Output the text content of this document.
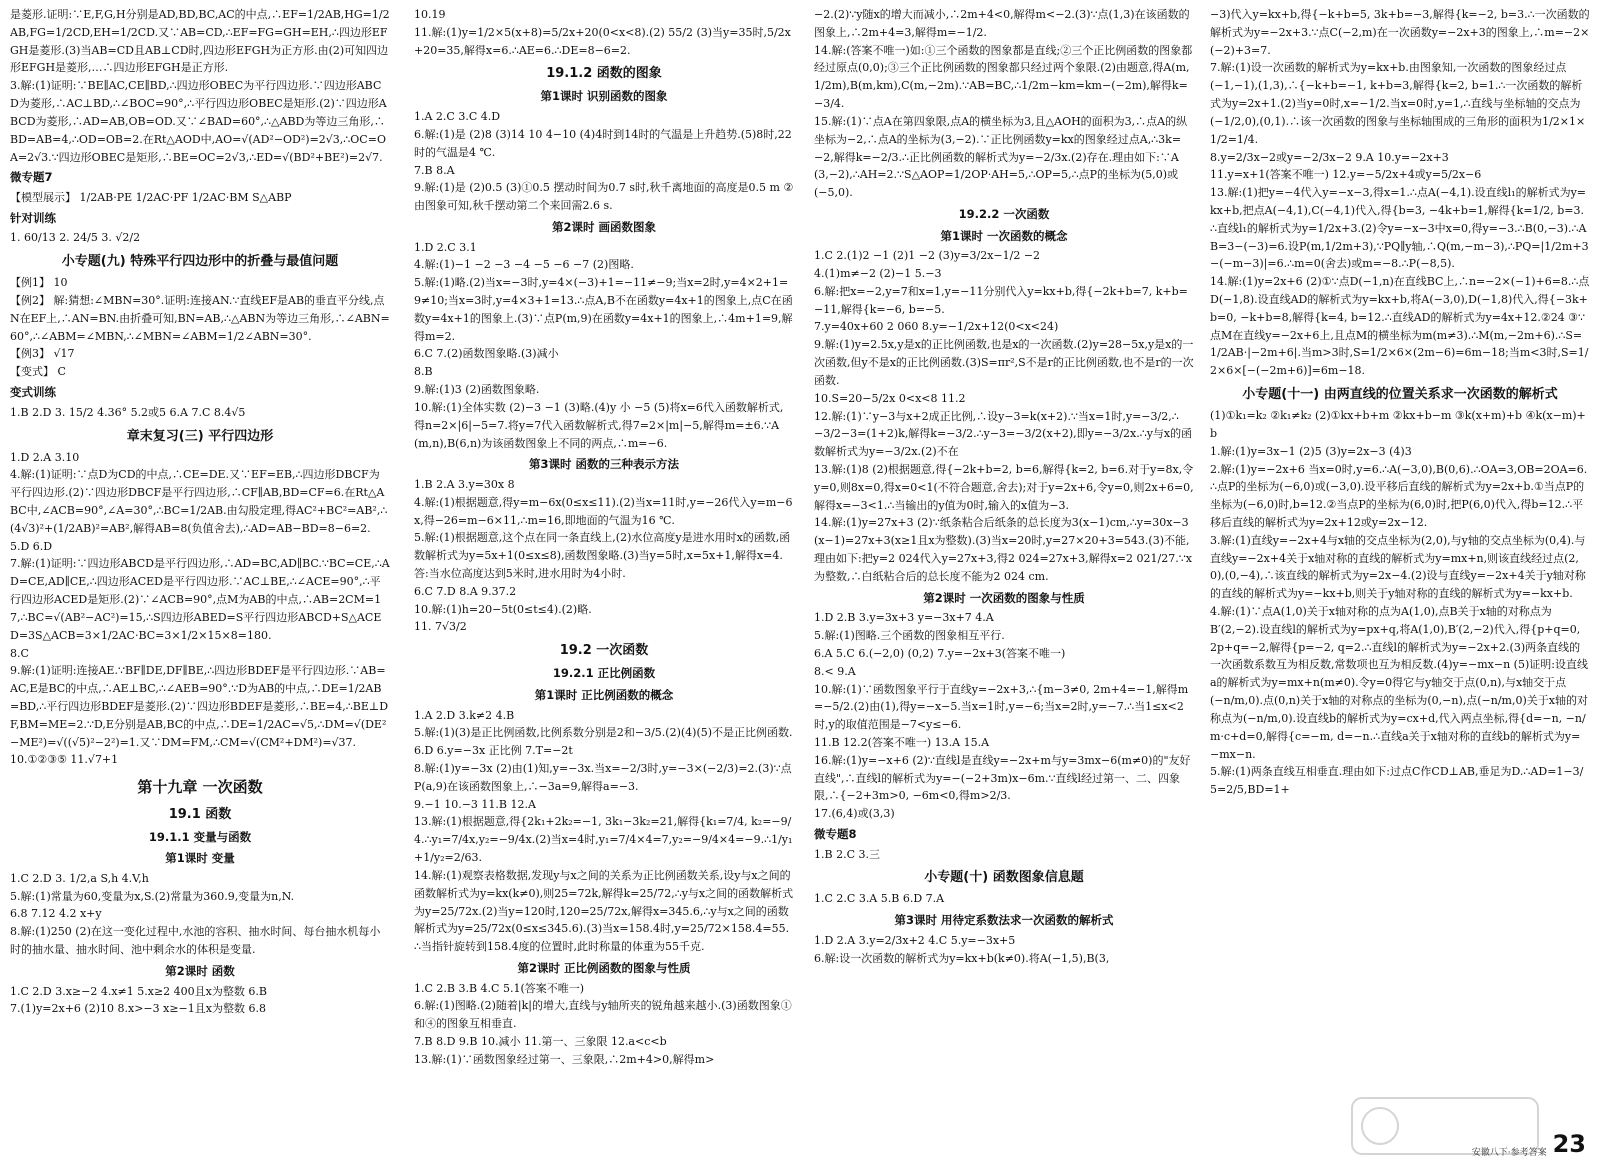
是菱形.证明:∵E,F,G,H分别是AD,BD,BC,AC的中点,∴EF=1/2AB,HG=1/2AB,FG=1/2CD,EH=1/2CD.又∵AB=CD,∴EF=FG=GH=EH,∴四边形EFGH是菱形.(3)当AB=CD且AB⊥CD时,四边形EFGH为正方形.由(2)可知四边形EFGH是菱形,…∴四边形EFGH是正方形.
3.解:(1)证明:∵BE∥AC,CE∥BD,∴四边形OBEC为平行四边形.∵四边形ABCD为菱形,∴AC⊥BD,∴∠BOC=90°,∴平行四边形OBEC是矩形.(2)∵四边形ABCD为菱形,∴AD=AB,OB=OD.又∵∠BAD=60°,∴△ABD为等边三角形,∴BD=AB=4,∴OD=OB=2.在Rt△AOD中,AO=√(AD²−OD²)=2√3,∴OC=OA=2√3.∵四边形OBEC是矩形,∴BE=OC=2√3,∴ED=√(BD²+BE²)=2√7.
微专题7
【模型展示】 1/2AB·PE 1/2AC·PF 1/2AC·BM S△ABP
针对训练
1. 60/13 2. 24/5 3. √2/2
小专题(九) 特殊平行四边形中的折叠与最值问题
【例1】 10
【例2】 解:猜想:∠MBN=30°.证明:连接AN.∵直线EF是AB的垂直平分线,点N在EF上,∴AN=BN.由折叠可知,BN=AB,∴△ABN为等边三角形,∴∠ABN=60°,∴∠ABM=∠MBN,∴∠MBN=∠ABM=1/2∠ABN=30°.
【例3】 √17
【变式】 C
变式训练
1.B 2.D 3. 15/2 4.36° 5.2或5 6.A 7.C 8.4√5
章末复习(三) 平行四边形
1.D 2.A 3.10
4.解:(1)证明:∵点D为CD的中点,∴CE=DE.又∵EF=EB,∴四边形DBCF为平行四边形.(2)∵四边形DBCF是平行四边形,∴CF∥AB,BD=CF=6.在Rt△ABC中,∠ACB=90°,∠A=30°,∴BC=1/2AB.由勾股定理,得AC²+BC²=AB²,∴(4√3)²+(1/2AB)²=AB²,解得AB=8(负值舍去),∴AD=AB−BD=8−6=2.
5.D 6.D
7.解:(1)证明:∵四边形ABCD是平行四边形,∴AD=BC,AD∥BC.∵BC=CE,∴AD=CE,AD∥CE,∴四边形ACED是平行四边形.∵AC⊥BE,∴∠ACE=90°,∴平行四边形ACED是矩形.(2)∵∠ACB=90°,点M为AB的中点,∴AB=2CM=17,∴BC=√(AB²−AC²)=15,∴S四边形ABED=S平行四边形ABCD+S△ACED=3S△ACB=3×1/2AC·BC=3×1/2×15×8=180.
8.C
9.解:(1)证明:连接AE.∵BF∥DE,DF∥BE,∴四边形BDEF是平行四边形.∵AB=AC,E是BC的中点,∴AE⊥BC,∴∠AEB=90°.∵D为AB的中点,∴DE=1/2AB=BD,∴平行四边形BDEF是菱形.(2)∵四边形BDEF是菱形,∴BE=4,∴BE⊥DF,BM=ME=2.∵D,E分别是AB,BC的中点,∴DE=1/2AC=√5,∴DM=√(DE²−ME²)=√((√5)²−2²)=1.又∵DM=FM,∴CM=√(CM²+DM²)=√37.
10.①②③⑤ 11.√7+1
第十九章 一次函数
19.1 函数
19.1.1 变量与函数
第1课时 变量
1.C 2.D 3. 1/2,a S,h 4.V,h
5.解:(1)常量为60,变量为x,S.(2)常量为360.9,变量为n,N.
6.8 7.12 4.2 x+y
8.解:(1)250 (2)在这一变化过程中,水池的容积、抽水时间、每台抽水机每小时的抽水量、抽水时间、池中剩余水的体积是变量.
第2课时 函数
1.C 2.D 3.x≥−2 4.x≠1 5.x≥2 400且x为整数 6.B
7.(1)y=2x+6 (2)10 8.x>−3 x≥−1且x为整数 6.8
10.19
11.解:(1)y=1/2×5(x+8)=5/2x+20(0<x<8).(2) 55/2 (3)当y=35时,5/2x+20=35,解得x=6.∴AE=6.∴DE=8−6=2.
19.1.2 函数的图象
第1课时 识别函数的图象
1.A 2.C 3.C 4.D
6.解:(1)是 (2)8 (3)14 10 4−10 (4)4时到14时的气温是上升趋势.(5)8时,22时的气温是4 ℃.
7.B 8.A
9.解:(1)是 (2)0.5 (3)①0.5 摆动时间为0.7 s时,秋千离地面的高度是0.5 m ②由图象可知,秋千摆动第二个来回需2.6 s.
第2课时 画函数图象
1.D 2.C 3.1
4.解:(1)−1 −2 −3 −4 −5 −6 −7 (2)图略.
5.解:(1)略.(2)当x=−3时,y=4×(−3)+1=−11≠−9;当x=2时,y=4×2+1=9≠10;当x=3时,y=4×3+1=13.∴点A,B不在函数y=4x+1的图象上,点C在函数y=4x+1的图象上.(3)∵点P(m,9)在函数y=4x+1的图象上,∴4m+1=9,解得m=2.
6.C 7.(2)函数图象略.(3)减小
8.B
9.解:(1)3 (2)函数图象略.
10.解:(1)全体实数 (2)−3 −1 (3)略.(4)y 小 −5 (5)将x=6代入函数解析式,得n=2×|6|−5=7.将y=7代入函数解析式,得7=2×|m|−5,解得m=±6.∵A(m,n),B(6,n)为该函数图象上不同的两点,∴m=−6.
第3课时 函数的三种表示方法
1.B 2.A 3.y=30x 8
4.解:(1)根据题意,得y=m−6x(0≤x≤11).(2)当x=11时,y=−26代入y=m−6x,得−26=m−6×11,∴m=16,即地面的气温为16 ℃.
5.解:(1)根据题意,这个点在同一条直线上,(2)水位高度y是进水用时x的函数,函数解析式为y=5x+1(0≤x≤8),函数图象略.(3)当y=5时,x=5x+1,解得x=4.答:当水位高度达到5米时,进水用时为4小时.
6.C 7.D 8.A 9.37.2
10.解:(1)h=20−5t(0≤t≤4).(2)略.
11. 7√3/2
19.2 一次函数
19.2.1 正比例函数
第1课时 正比例函数的概念
1.A 2.D 3.k≠2 4.B
5.解:(1)(3)是正比例函数,比例系数分别是2和−3/5.(2)(4)(5)不是正比例函数.
6.D 6.y=−3x 正比例 7.T=−2t
8.解:(1)y=−3x (2)由(1)知,y=−3x.当x=−2/3时,y=−3×(−2/3)=2.(3)∵点P(a,9)在该函数图象上,∴−3a=9,解得a=−3.
9.−1 10.−3 11.B 12.A
13.解:(1)根据题意,得{2k₁+2k₂=−1, 3k₁−3k₂=21,解得{k₁=7/4, k₂=−9/4.∴y₁=7/4x,y₂=−9/4x.(2)当x=4时,y₁=7/4×4=7,y₂=−9/4×4=−9.∴1/y₁+1/y₂=2/63.
14.解:(1)观察表格数据,发现y与x之间的关系为正比例函数关系,设y与x之间的函数解析式为y=kx(k≠0),则25=72k,解得k=25/72,∴y与x之间的函数解析式为y=25/72x.(2)当y=120时,120=25/72x,解得x=345.6,∴y与x之间的函数解析式为y=25/72x(0≤x≤345.6).(3)当x=158.4时,y=25/72×158.4=55.∴当指针旋转到158.4度的位置时,此时称量的体重为55千克.
第2课时 正比例函数的图象与性质
1.C 2.B 3.B 4.C 5.1(答案不唯一)
6.解:(1)图略.(2)随着|k|的增大,直线与y轴所夹的锐角越来越小.(3)函数图象①和④的图象互相垂直.
7.B 8.D 9.B 10.减小 11.第一、三象限 12.a<c<b
13.解:(1)∵函数图象经过第一、三象限,∴2m+4>0,解得m>
−2.(2)∵y随x的增大而减小,∴2m+4<0,解得m<−2.(3)∵点(1,3)在该函数的图象上,∴2m+4=3,解得m=−1/2.
14.解:(答案不唯一)如:①三个函数的图象都是直线;②三个正比例函数的图象都经过原点(0,0);③三个正比例函数的图象都只经过两个象限.(2)由题意,得A(m,1/2m),B(m,km),C(m,−2m).∵AB=BC,∴1/2m−km=km−(−2m),解得k=−3/4.
15.解:(1)∵点A在第四象限,点A的横坐标为3,且△AOH的面积为3,∴点A的纵坐标为−2,∴点A的坐标为(3,−2).∵正比例函数y=kx的图象经过点A,∴3k=−2,解得k=−2/3.∴正比例函数的解析式为y=−2/3x.(2)存在.理由如下:∵A(3,−2),∴AH=2.∵S△AOP=1/2OP·AH=5,∴OP=5,∴点P的坐标为(5,0)或(−5,0).
19.2.2 一次函数
第1课时 一次函数的概念
1.C 2.(1)2 −1 (2)1 −2 (3)y=3/2x−1/2 −2
4.(1)m≠−2 (2)−1 5.−3
6.解:把x=−2,y=7和x=1,y=−11分别代入y=kx+b,得{−2k+b=7, k+b=−11,解得{k=−6, b=−5.
7.y=40x+60 2 060 8.y=−1/2x+12(0<x<24)
9.解:(1)y=2.5x,y是x的正比例函数,也是x的一次函数.(2)y=28−5x,y是x的一次函数,但y不是x的正比例函数.(3)S=πr²,S不是r的正比例函数,也不是r的一次函数.
10.S=20−5/2x 0<x<8 11.2
12.解:(1)∵y−3与x+2成正比例,∴设y−3=k(x+2).∵当x=1时,y=−3/2,∴−3/2−3=(1+2)k,解得k=−3/2.∴y−3=−3/2(x+2),即y=−3/2x.∴y与x的函数解析式为y=−3/2x.(2)不在
13.解:(1)8 (2)根据题意,得{−2k+b=2, b=6,解得{k=2, b=6.对于y=8x,令y=0,则8x=0,得x=0<1(不符合题意,舍去);对于y=2x+6,令y=0,则2x+6=0,解得x=−3<1.∴当输出的y值为0时,输入的x值为−3.
14.解:(1)y=27x+3 (2)∵纸条粘合后纸条的总长度为3(x−1)cm,∴y=30x−3(x−1)=27x+3(x≥1且x为整数).(3)当x=20时,y=27×20+3=543.(3)不能,理由如下:把y=2 024代入y=27x+3,得2 024=27x+3,解得x=2 021/27.∵x为整数,∴白纸粘合后的总长度不能为2 024 cm.
第2课时 一次函数的图象与性质
1.D 2.B 3.y=3x+3 y=−3x+7 4.A
5.解:(1)图略.三个函数的图象相互平行.
6.A 5.C 6.(−2,0) (0,2) 7.y=−2x+3(答案不唯一)
8.< 9.A
10.解:(1)∵函数图象平行于直线y=−2x+3,∴{m−3≠0, 2m+4=−1,解得m=−5/2.(2)由(1),得y=−x−5.当x=1时,y=−6;当x=2时,y=−7.∴当1≤x<2时,y的取值范围是−7<y≤−6.
11.B 12.2(答案不唯一) 13.A 15.A
16.解:(1)y=−x+6 (2)∵直线l是直线y=−2x+m与y=3mx−6(m≠0)的"友好直线",∴直线l的解析式为y=−(−2+3m)x−6m.∵直线l经过第一、二、四象限,∴{−2+3m>0, −6m<0,得m>2/3.
17.(6,4)或(3,3)
微专题8
1.B 2.C 3.三
小专题(十) 函数图象信息题
1.C 2.C 3.A 5.B 6.D 7.A
第3课时 用待定系数法求一次函数的解析式
1.D 2.A 3.y=2/3x+2 4.C 5.y=−3x+5
6.解:设一次函数的解析式为y=kx+b(k≠0).将A(−1,5),B(3,
−3)代入y=kx+b,得{−k+b=5, 3k+b=−3,解得{k=−2, b=3.∴一次函数的解析式为y=−2x+3.∵点C(−2,m)在一次函数y=−2x+3的图象上,∴m=−2×(−2)+3=7.
7.解:(1)设一次函数的解析式为y=kx+b.由图象知,一次函数的图象经过点(−1,−1),(1,3),∴{−k+b=−1, k+b=3,解得{k=2, b=1.∴一次函数的解析式为y=2x+1.(2)当y=0时,x=−1/2.当x=0时,y=1,∴直线与坐标轴的交点为(−1/2,0),(0,1).∴该一次函数的图象与坐标轴围成的三角形的面积为1/2×1×1/2=1/4.
8.y=2/3x−2或y=−2/3x−2 9.A 10.y=−2x+3
11.y=x+1(答案不唯一) 12.y=−5/2x+4或y=5/2x−6
13.解:(1)把y=−4代入y=−x−3,得x=1.∴点A(−4,1).设直线l₁的解析式为y=kx+b,把点A(−4,1),C(−4,1)代入,得{b=3, −4k+b=1,解得{k=1/2, b=3.∴直线l₁的解析式为y=1/2x+3.(2)令y=−x−3中x=0,得y=−3.∴B(0,−3).∴AB=3−(−3)=6.设P(m,1/2m+3),∵PQ∥y轴,∴Q(m,−m−3),∴PQ=|1/2m+3−(−m−3)|=6.∴m=0(舍去)或m=−8.∴P(−8,5).
14.解:(1)y=2x+6 (2)①∵点D(−1,n)在直线BC上,∴n=−2×(−1)+6=8.∴点D(−1,8).设直线AD的解析式为y=kx+b,将A(−3,0),D(−1,8)代入,得{−3k+b=0, −k+b=8,解得{k=4, b=12.∴直线AD的解析式为y=4x+12.②24 ③∵点M在直线y=−2x+6上,且点M的横坐标为m(m≠3).∴M(m,−2m+6).∴S=1/2AB·|−2m+6|.当m>3时,S=1/2×6×(2m−6)=6m−18;当m<3时,S=1/2×6×[−(−2m+6)]=6m−18.
小专题(十一) 由两直线的位置关系求一次函数的解析式
(1)①k₁=k₂ ②k₁≠k₂ (2)①kx+b+m ②kx+b−m ③k(x+m)+b ④k(x−m)+b
1.解:(1)y=3x−1 (2)5 (3)y=2x−3 (4)3
2.解:(1)y=−2x+6 当x=0时,y=6.∴A(−3,0),B(0,6).∴OA=3,OB=2OA=6.∴点P的坐标为(−6,0)或(−3,0).设平移后直线的解析式为y=2x+b.①当点P的坐标为(−6,0)时,b=12.②当点P的坐标为(6,0)时,把P(6,0)代入,得b=12.∴平移后直线的解析式为y=2x+12或y=2x−12.
3.解:(1)直线y=−2x+4与x轴的交点坐标为(2,0),与y轴的交点坐标为(0,4).与直线y=−2x+4关于x轴对称的直线的解析式为y=mx+n,则该直线经过点(2,0),(0,−4),∴该直线的解析式为y=2x−4.(2)设与直线y=−2x+4关于y轴对称的直线的解析式为y=−kx+b,则关于y轴对称的直线的解析式为y=−kx+b.
4.解:(1)∵点A(1,0)关于x轴对称的点为A(1,0),点B关于x轴的对称点为B′(2,−2).设直线l的解析式为y=px+q,将A(1,0),B′(2,−2)代入,得{p+q=0, 2p+q=−2,解得{p=−2, q=2.∴直线l的解析式为y=−2x+2.(3)两条直线的一次函数系数互为相反数,常数项也互为相反数.(4)y=−mx−n (5)证明:设直线a的解析式为y=mx+n(m≠0).令y=0得它与y轴交于点(0,n),与x轴交于点(−n/m,0).点(0,n)关于x轴的对称点的坐标为(0,−n),点(−n/m,0)关于x轴的对称点为(−n/m,0).设直线b的解析式为y=cx+d,代入两点坐标,得{d=−n, −n/m·c+d=0,解得{c=−m, d=−n.∴直线a关于x轴对称的直线b的解析式为y=−mx−n.
5.解:(1)两条直线互相垂直.理由如下:过点C作CD⊥AB,垂足为D.∴AD=1−3/5=2/5,BD=1+
安徽八下·参考答案 23
